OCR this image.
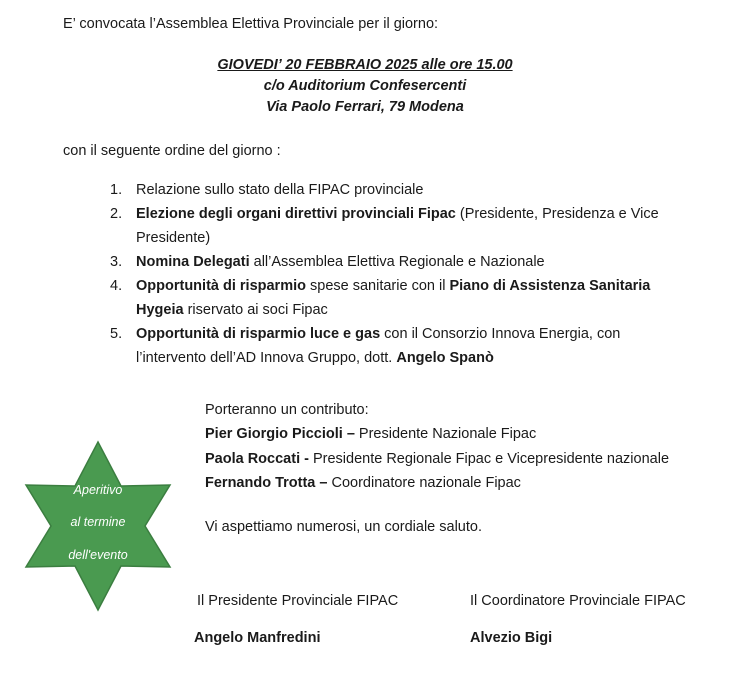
E’ convocata l’Assemblea Elettiva Provinciale per il giorno:
GIOVEDI’ 20 FEBBRAIO 2025 alle ore 15.00
c/o Auditorium Confesercenti
Via Paolo Ferrari, 79 Modena
con il seguente ordine del giorno :
1. Relazione sullo stato della FIPAC provinciale
2. Elezione degli organi direttivi provinciali Fipac (Presidente, Presidenza e Vice
Presidente)
3. Nomina Delegati all’Assemblea Elettiva Regionale e Nazionale
4. Opportunità di risparmio spese sanitarie con il Piano di Assistenza Sanitaria
Hygeia riservato ai soci Fipac
5. Opportunità di risparmio luce e gas con il Consorzio Innova Energia, con
l’intervento dell’AD Innova Gruppo, dott. Angelo Spanò
Porteranno un contributo:
Pier Giorgio Piccioli – Presidente Nazionale Fipac
Paola Roccati - Presidente Regionale Fipac e Vicepresidente nazionale
Fernando Trotta – Coordinatore nazionale Fipac
Vi aspettiamo numerosi, un cordiale saluto.
Aperitivo
al termine
dell'evento
Il Presidente Provinciale FIPAC	Il Coordinatore Provinciale FIPAC
Angelo Manfredini	Alvezio Bigi
